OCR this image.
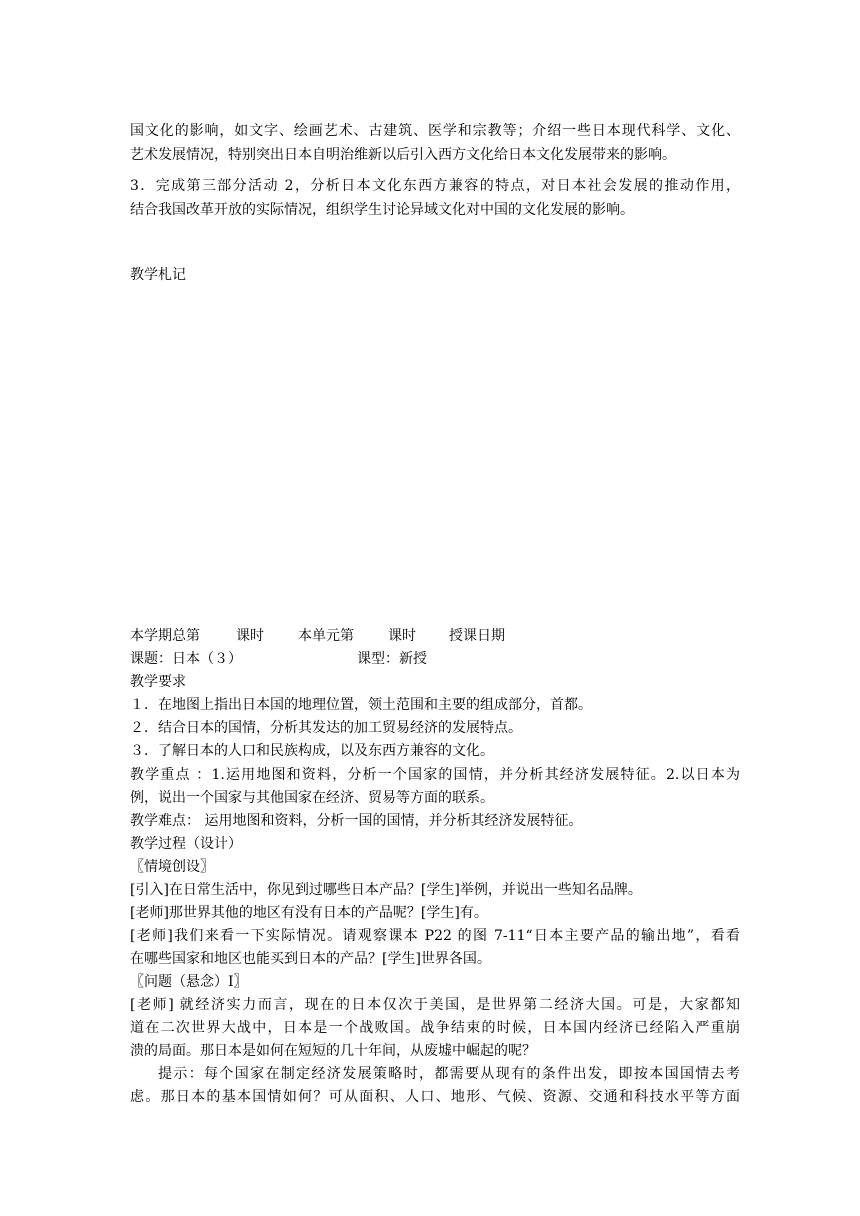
国文化的影响，如文字、绘画艺术、古建筑、医学和宗教等；介绍一些日本现代科学、文化、
艺术发展情况，特别突出日本自明治维新以后引入西方文化给日本文化发展带来的影响。
3．完成第三部分活动 2，分析日本文化东西方兼容的特点，对日本社会发展的推动作用，
结合我国改革开放的实际情况，组织学生讨论异域文化对中国的文化发展的影响。
教学札记
本学期总第	课时 本单元第 课时 授课日期
课题：日本（３）	课型：新授
教学要求
１．在地图上指出日本国的地理位置，领土范围和主要的组成部分，首都。
２．结合日本的国情，分析其发达的加工贸易经济的发展特点。
３．了解日本的人口和民族构成，以及东西方兼容的文化。
教学重点 ：1.运用地图和资料，分析一个国家的国情，并分析其经济发展特征。2.以日本为
例，说出一个国家与其他国家在经济、贸易等方面的联系。
教学难点： 运用地图和资料，分析一国的国情，并分析其经济发展特征。
教学过程（设计）
〖情境创设〗
[引入]在日常生活中，你见到过哪些日本产品？[学生]举例，并说出一些知名品牌。
[老师]那世界其他的地区有没有日本的产品呢？[学生]有。
[老师]我们来看一下实际情况。请观察课本 P22 的图 7-11“日本主要产品的输出地”，看看
在哪些国家和地区也能买到日本的产品？[学生]世界各国。
〖问题（悬念）Ⅰ〗
[老师] 就经济实力而言，现在的日本仅次于美国，是世界第二经济大国。可是，大家都知
道在二次世界大战中，日本是一个战败国。战争结束的时候，日本国内经济已经陷入严重崩
溃的局面。那日本是如何在短短的几十年间，从废墟中崛起的呢？
提示：每个国家在制定经济发展策略时，都需要从现有的条件出发，即按本国国情去考
虑。那日本的基本国情如何？可从面积、人口、地形、气候、资源、交通和科技水平等方面
